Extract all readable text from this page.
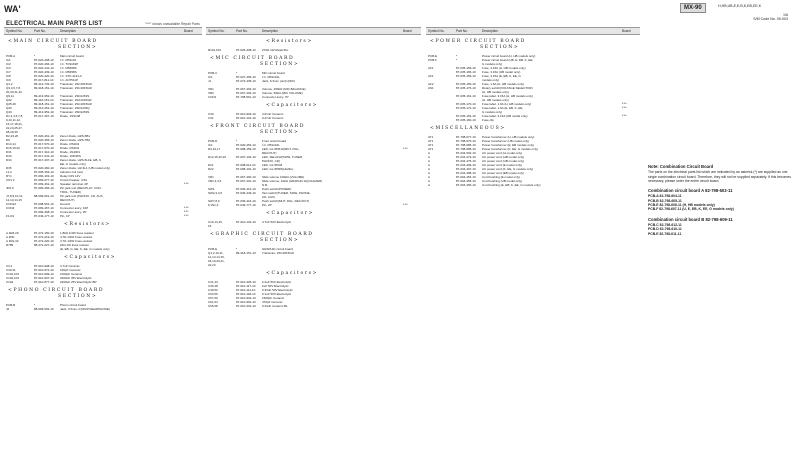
WA'	MX-90	H,HB,UB,E,E,B,K,EB,EE,K
1/6
S/M Code No. 09-003
ELECTRICAL MAIN PARTS LIST	"***" shows unavailable Repair Parts
Symbol No.	Part No.	Description	Board
<MAIN CIRCUIT BOARD
SECTION>
PCB-A	*	Main circuit board
IC1	87-020-408-10	I.C. M51132
IC2	87-020-466-10	I.C. TC9163P
IC3	87-020-441-10	I.C. M5658S
IC7	87-020-409-10	I.C. M5658S
IC8	87-020-420-10	I.C. STK-4131-2
IC9	87-017-811-10	I.C. AN7511P
Q1,2	89-412-733-10	Transistor, 2SC1815GR
Q3,4,5,7,8,	89-318-151-10	Transistor, 2SC1815GR
20,30,31,40
Q9,11	89-413-952-10	Transistor, 2SD1263S
Q22	89-110-151-10	Transistor, 2SA1015GR
Q25,26	89-318-151-10	Transistor, 2SC1815GR
Q40	89-212-451-10	Transistor, 2SD1245Q
Q43	89-413-952-10	Transistor, 2SD1263S
D1,3,4,5,7,8,	87-017-407-10	Diode, 1SS148
9,10,11,12,
16,17,18,21,
22,24,25,27,
28,29,30
D2,23,26	87-020-461-10	Zener diode, HZS-5B1
D6	87-020-465-10	Zener diode, HZS-7B2
D13,14	87-017-570-10	Diode, RS1D2
D15,19,20	87-017-570-10	Diode, RS1D2
D31	87-017-310-10	Diode, 1N4001
D33	87-017-441-10	Diode, 10D4DS
D34	87-017-407-10	Zener diode, HZS-5L1E, EB, K,
EE, G models only)
D35	87-020-460-10	Zener diode, HZ-3L1 (UB model only)
L1,2	87-005-353-10	Inductor coil (uH)
RY1	87-060-163-10	Relay DJS 12V
CN1,2	87-099-677-10	Circuit breaker, 3.5A
87-099-461-10	Speaker terminal, 2P	***
JK5,6	87-099-466-10	Pin jack unit (REC/PLAY, CON-
TROL, TUNER)
J7,8,9,10,11,	88-099-661-10	Pin jack unit (PHONO, CD, AUX,
12,13,14,15	REC/OUT)
CON12	87-098-501-10	Ground
CON4	87-099-467-10	Connector ass'y, 10P	***
87-099-468-10	Connector ass'y, 2P	***
F1,R1	87-049-177-10	Pin, 1P	***
<Resistors>
A.R26,29	87-272-150-10	1.8kΩ 1/4W Fuse resistor
A.R30	87-272-219-10	4.7Ω 1/4W Fuse resistor
A.R31,32	87-272-220-10	4.7Ω 1/4W Fuse resistor
R785	88-272-227-10	22Ω 1W Fuse resistor
(E, EB, G, EE, K, EE, G models only)
<Capacitors>
C3,4	87-010-938-10	4.7nF Ceramic
C30,31	87-010-972-10	100pF Ceramic
C101,102	87-010-999-10	1000pF Ceramic
C102,103	87-010-907-10	3300uF 35V Electrolytic
C104	87-010-877-10	2200uF 25V Electrolytic BP
<PHONO CIRCUIT BOARD
SECTION>
PCB-B	*	Phono circuit board
J2	88-099-502-10	Jack, 3.5mm-4 (MICP/HEADPHONE)
Symbol No.	Part No.	Description	Board
<Resistors>
R101,102	87-025-438-10	270Ω 1W Metal film
<MIC CIRCUIT BOARD
SECTION>
PCB-C	*	MIC circuit board
IC1	87-027-405-10	I.C. M51132L
J1	87-073-435-10	Jack, 6.3mm (unit) (MIC)
VR1	87-067-403-10	Volume, 250kΩ (MIC BALANCE)
VR2	87-067-402-10	Volume, 50kΩ (MIC VOLUME)
CON1	87-798-561-10	Connector ass'y, 7P
<Capacitors>
C30	87-010-929-10	4.61nF Ceramic
C31	87-010-101-10	0.47uF Ceramic
<FRONT CIRCUIT BOARD
SECTION>
PCB-D	*	Front circuit board
IC1	87-020-453-10	I.C. M51132L
D3,10,17	87-008-159-10	LED, GL-5PR12(MUT, DGL,	***
REC/OUT)
D12,15,20,26	87-007-134-10	LED, SEL2110(TAPE, TUNER,
PHONO, CD)
D21	87-008-011-10	LED, GL-5PG8
D22	87-008-101-10	LED, GL-5PR8(LEVEL)
VR1	87-067-400-10	Slide volume 100kΩ (VOLUME)
VR2,3,4,5	87-067-401-10	Slide volume, 10kΩ (GRAPHIC EQUALIZER)
N.B.
SW1	87-036-412-10	Push switch(POWER)
SW2,3,4,5	87-036-449-10	Tact switch(TUNER, TAPE, PHONE,
CD, AUX)
SW7,8,9	87-036-416-10	Push switch(MUT, DGL, REC/OUT)
F,1N1,2	87-049-777-10	Pin, 2P	***
<Capacitor>
C10,14,15,	87-010-123-10	4.7uF 50V Electrolytic
16
<GRAPHIC CIRCUIT BOARD
SECTION>
PCB-E	*	GRAPHIC circuit board
Q1,2,10,11,	89-318-151-10	Transistor, 2SC1815GR
12,13,14,15,
18,19,20,21,
22,23
<Capacitors>
C41,44	87-010-425-10	2.2uF 50V Electrolytic
C45,48	87-010-117-10	1uF 50V Electrolytic
C49,52	87-010-111-10	0.33uF 50V Electrolytic
C53,56	87-010-118-10	0.1uF 50V Electrolytic
C57,60	87-010-932-10	1500pF Ceramic
C61,64	87-010-962-10	470pF Ceramic
C65,68	87-010-301-10	0.33uF Ceramic BL
Symbol No.	Part No.	Description	Board
<POWER CIRCUIT BOARD
SECTION>
PCB-E	*	Power circuit board (H, HB models only)
PCB-F	*	Power circuit board (UB, E, EB, K, EE,
G models only)
AF1	87-035-159-10	Fuse, 3.15A (H, HB models only)
87-035-165-10	Fuse, 3.15A (UB model only)
AF1	87-035-159-10	Fuse, 3.15A (E, EB, K, EE, G
models only)
AF2	87-035-159-10	Fuse, 1.6A (H, HB models only)
AS1	87-035-176-10	Rotary switch(VOLTAGE SELECTOR)
(H, HB models only)
87-035-161-10	Fuse label, 3.15A (H, HB models only)
(H, HB models only)
87-035-170-10	Fuse label, 1.6A (H, HB models only)	***
87-035-172-10	Fuse label, 1.6A (E, EB, K, EE,	***
G models only)
87-035-162-10	Fuse label, 3.15A (UB model only)	***
87-035-160-10	Fuse clip
<MISCELLANEOUS>
AT1	87-798-677-10	Power transformer (H, HB models only)
AT1	87-798-670-10	Power transformer (UB model only)
AT1	87-798-685-10	Power transformer (E, EB models only)
AT1	87-798-686-10	Power transformer (K, EE, G models only)
A	87-034-502-10	AC power cord (H model only)
A	87-034-473-10	AC power cord (HB model only)
A	87-034-475-10	AC power cord (UB model only)
A	87-034-499-10	AC power cord (E model only)
A	87-034-497-10	AC power cord (K, EE, G models only)
A	87-034-498-10	AC power cord (EB model only)
A	87-004-454-10	Cord bushing (E model only)
A	87-004-455-10	Cord bushing (UB model only)
A	87-004-456-10	Cord bushing (E, EB, K, EE, G models only)
Note: Combination Circuit Board
The parts on the electrical parts list which are indicated by an asterisk (*) are supplied as one single combination circuit board. Therefore, they will not be supplied separately. If this becomes necessary, please order the entire circuit board.
Combination circuit board A 82-798-603-11
PCB-A 82-798-604-11
PCB-B 82-798-605-11
PCB-E 82-798-606-11 (H, HB models only)
PCB-F 82-798-607-11 (U, E, EB, K, EE, G models only)
Combination circuit board B 82-798-609-11
PCB-C 82-798-612-11
PCB-D 82-798-610-11
PCB-E 82-798-611-11
